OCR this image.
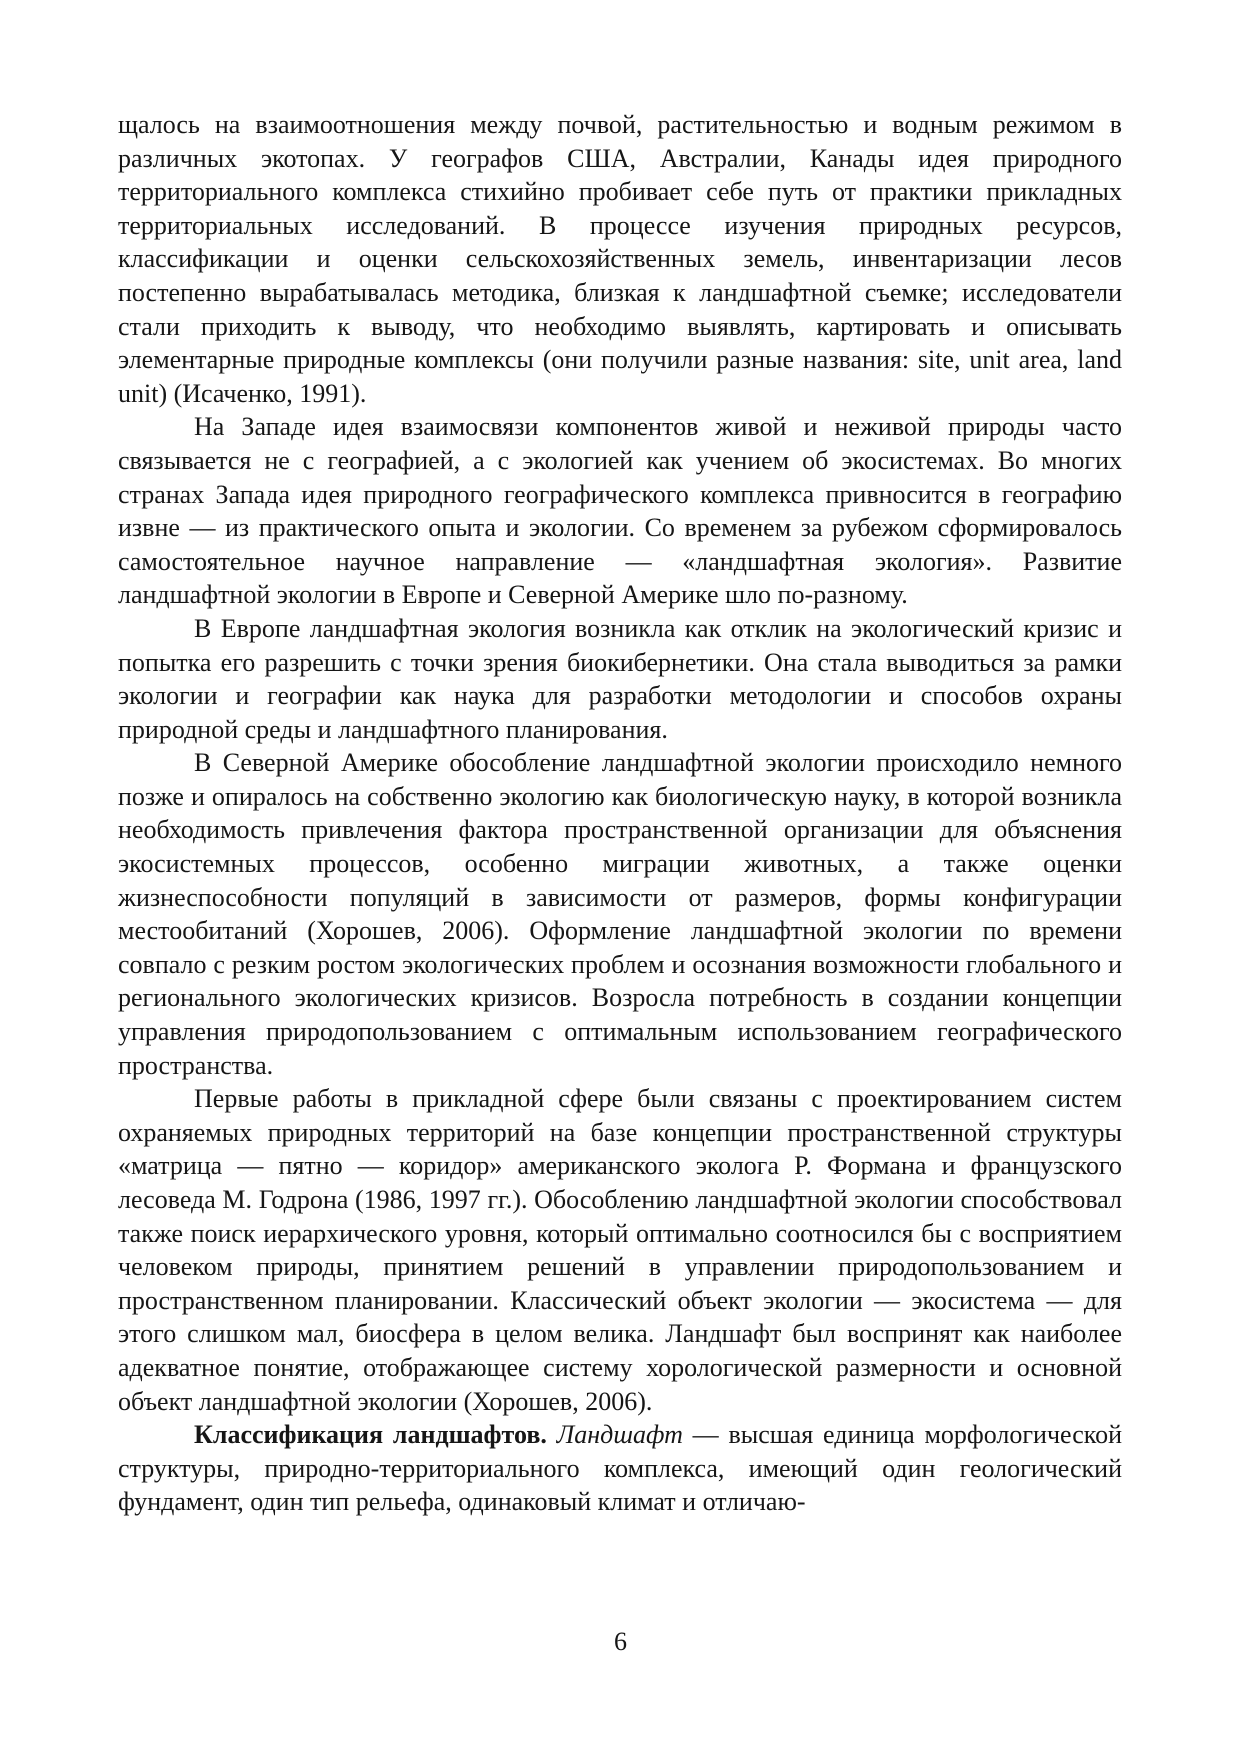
щалось на взаимоотношения между почвой, растительностью и водным режимом в различных экотопах. У географов США, Австралии, Канады идея природного территориального комплекса стихийно пробивает себе путь от практики прикладных территориальных исследований. В процессе изучения природных ресурсов, классификации и оценки сельскохозяйственных земель, инвентаризации лесов постепенно вырабатывалась методика, близкая к ландшафтной съемке; исследователи стали приходить к выводу, что необходимо выявлять, картировать и описывать элементарные природные комплексы (они получили разные названия: site, unit area, land unit) (Исаченко, 1991).

На Западе идея взаимосвязи компонентов живой и неживой природы часто связывается не с географией, а с экологией как учением об экосистемах. Во многих странах Запада идея природного географического комплекса привносится в географию извне — из практического опыта и экологии. Со временем за рубежом сформировалось самостоятельное научное направление — «ландшафтная экология». Развитие ландшафтной экологии в Европе и Северной Америке шло по-разному.

В Европе ландшафтная экология возникла как отклик на экологический кризис и попытка его разрешить с точки зрения биокибернетики. Она стала выводиться за рамки экологии и географии как наука для разработки методологии и способов охраны природной среды и ландшафтного планирования.

В Северной Америке обособление ландшафтной экологии происходило немного позже и опиралось на собственно экологию как биологическую науку, в которой возникла необходимость привлечения фактора пространственной организации для объяснения экосистемных процессов, особенно миграции животных, а также оценки жизнеспособности популяций в зависимости от размеров, формы конфигурации местообитаний (Хорошев, 2006). Оформление ландшафтной экологии по времени совпало с резким ростом экологических проблем и осознания возможности глобального и регионального экологических кризисов. Возросла потребность в создании концепции управления природопользованием с оптимальным использованием географического пространства.

Первые работы в прикладной сфере были связаны с проектированием систем охраняемых природных территорий на базе концепции пространственной структуры «матрица — пятно — коридор» американского эколога Р. Формана и французского лесоведа М. Годрона (1986, 1997 гг.). Обособлению ландшафтной экологии способствовал также поиск иерархического уровня, который оптимально соотносился бы с восприятием человеком природы, принятием решений в управлении природопользованием и пространственном планировании. Классический объект экологии — экосистема — для этого слишком мал, биосфера в целом велика. Ландшафт был воспринят как наиболее адекватное понятие, отображающее систему хорологической размерности и основной объект ландшафтной экологии (Хорошев, 2006).

Классификация ландшафтов. Ландшафт — высшая единица морфологической структуры, природно-территориального комплекса, имеющий один геологический фундамент, один тип рельефа, одинаковый климат и отличаю-

6
